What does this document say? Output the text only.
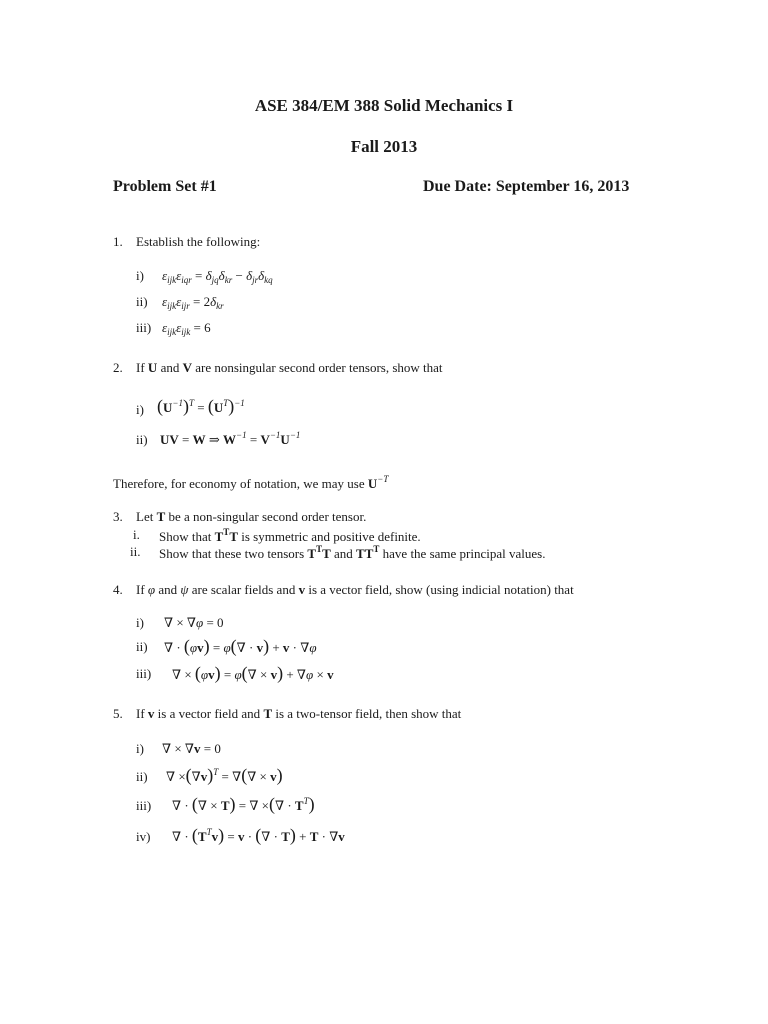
ASE 384/EM 388 Solid Mechanics I
Fall 2013
Problem Set #1	Due Date: September 16, 2013
1. Establish the following:
i) $\varepsilon_{ijk}\varepsilon_{iqr} = \delta_{jq}\delta_{kr} - \delta_{jr}\delta_{kq}$
ii) $\varepsilon_{ijk}\varepsilon_{ijr} = 2\delta_{kr}$
iii) $\varepsilon_{ijk}\varepsilon_{ijk} = 6$
2. If U and V are nonsingular second order tensors, show that
i) $(U^{-1})^T = (U^T)^{-1}$
ii) UV = W ⇒ $W^{-1} = V^{-1}U^{-1}$
Therefore, for economy of notation, we may use $U^{-T}$
3. Let T be a non-singular second order tensor.
i. Show that $T^TT$ is symmetric and positive definite.
ii. Show that these two tensors $T^TT$ and $TT^T$ have the same principal values.
4. If φ and ψ are scalar fields and v is a vector field, show (using indicial notation) that
i) ∇ × ∇φ = 0
ii) ∇ · (φv) = φ(∇ · v) + v · ∇φ
iii) ∇ × (φv) = φ(∇ × v) + ∇φ × v
5. If v is a vector field and T is a two-tensor field, then show that
i) ∇ × ∇v = 0
ii) ∇ $\times(\nabla v)^T$ = ∇(∇ × v)
iii) ∇ · (∇ × T) = ∇ ×(∇ · $T^T$)
iv) ∇ · $(T^Tv) = v$ · (∇ · T) + T · ∇v
